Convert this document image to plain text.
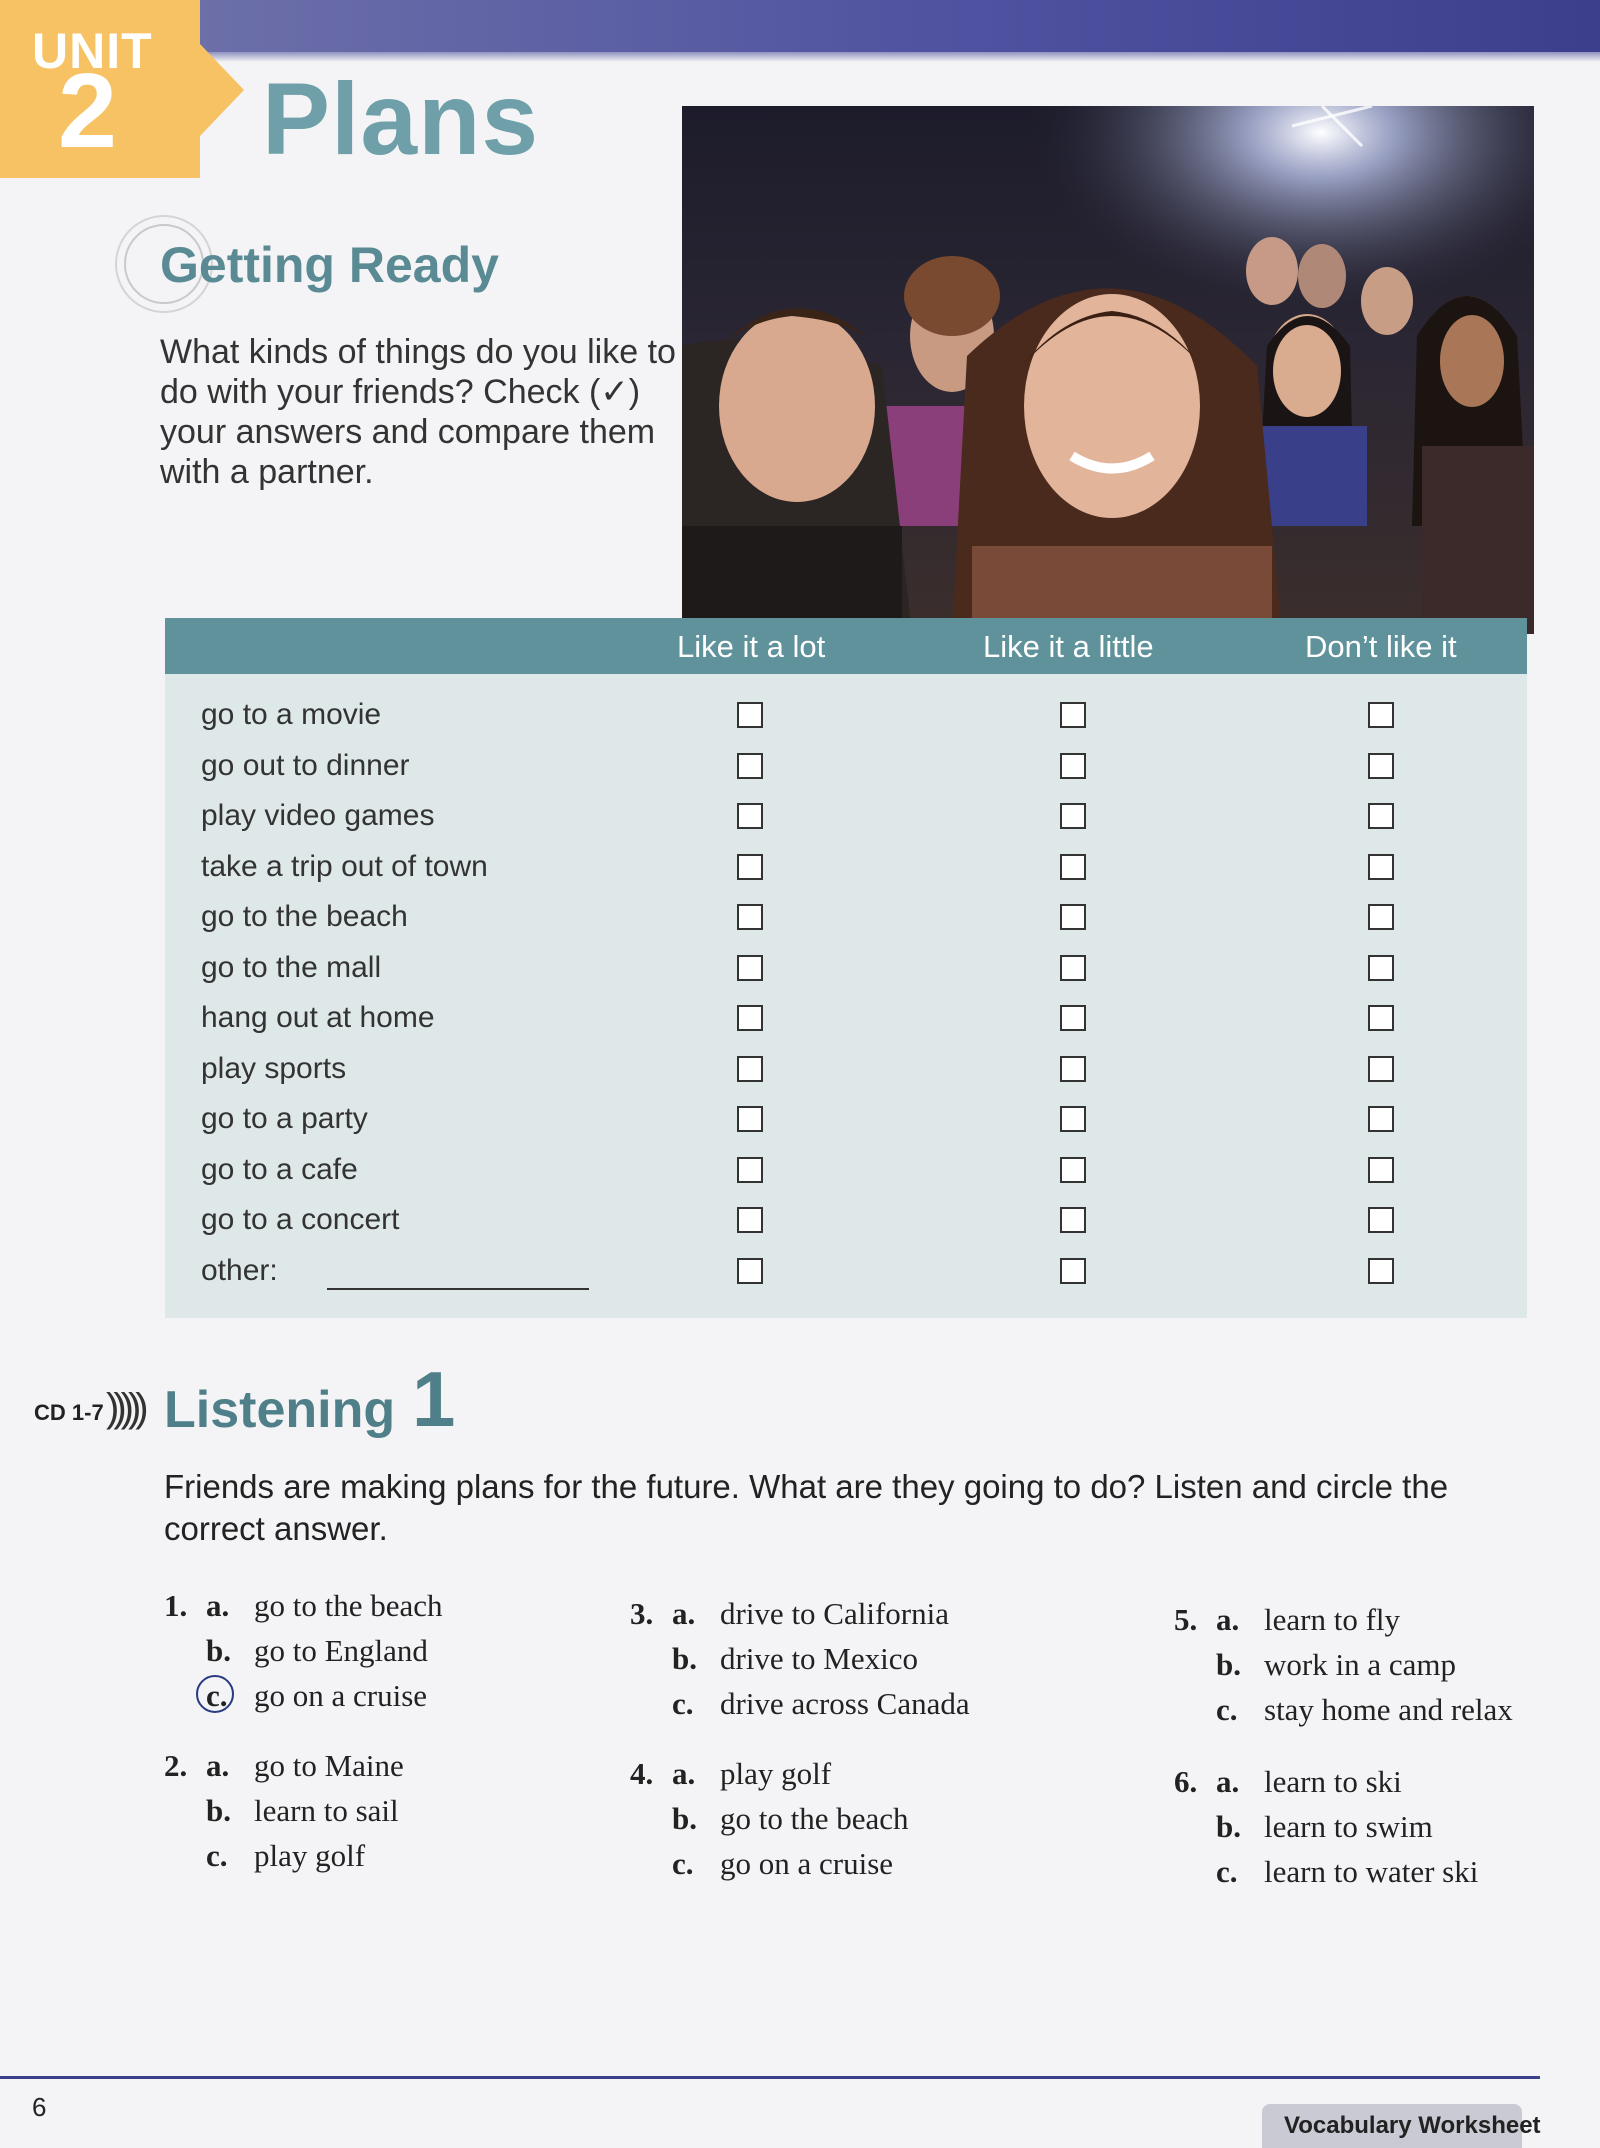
UNIT
2 Plans
Getting Ready
What kinds of things do you like to do with your friends? Check (✓) your answers and compare them with a partner.
Like it a lot	Like it a little	Don’t like it
go to a movie
go out to dinner
play video games
take a trip out of town
go to the beach
go to the mall
hang out at home
play sports
go to a party
go to a cafe
go to a concert
other:
CD 1-7 ))))) Listening 1
Friends are making plans for the future. What are they going to do? Listen and circle the correct answer.
1. a. go to the beach
b. go to England
c. go on a cruise
2. a. go to Maine
b. learn to sail
c. play golf
3. a. drive to California
b. drive to Mexico
c. drive across Canada
4. a. play golf
b. go to the beach
c. go on a cruise
5. a. learn to fly
b. work in a camp
c. stay home and relax
6. a. learn to ski
b. learn to swim
c. learn to water ski
6
Vocabulary Worksheet
